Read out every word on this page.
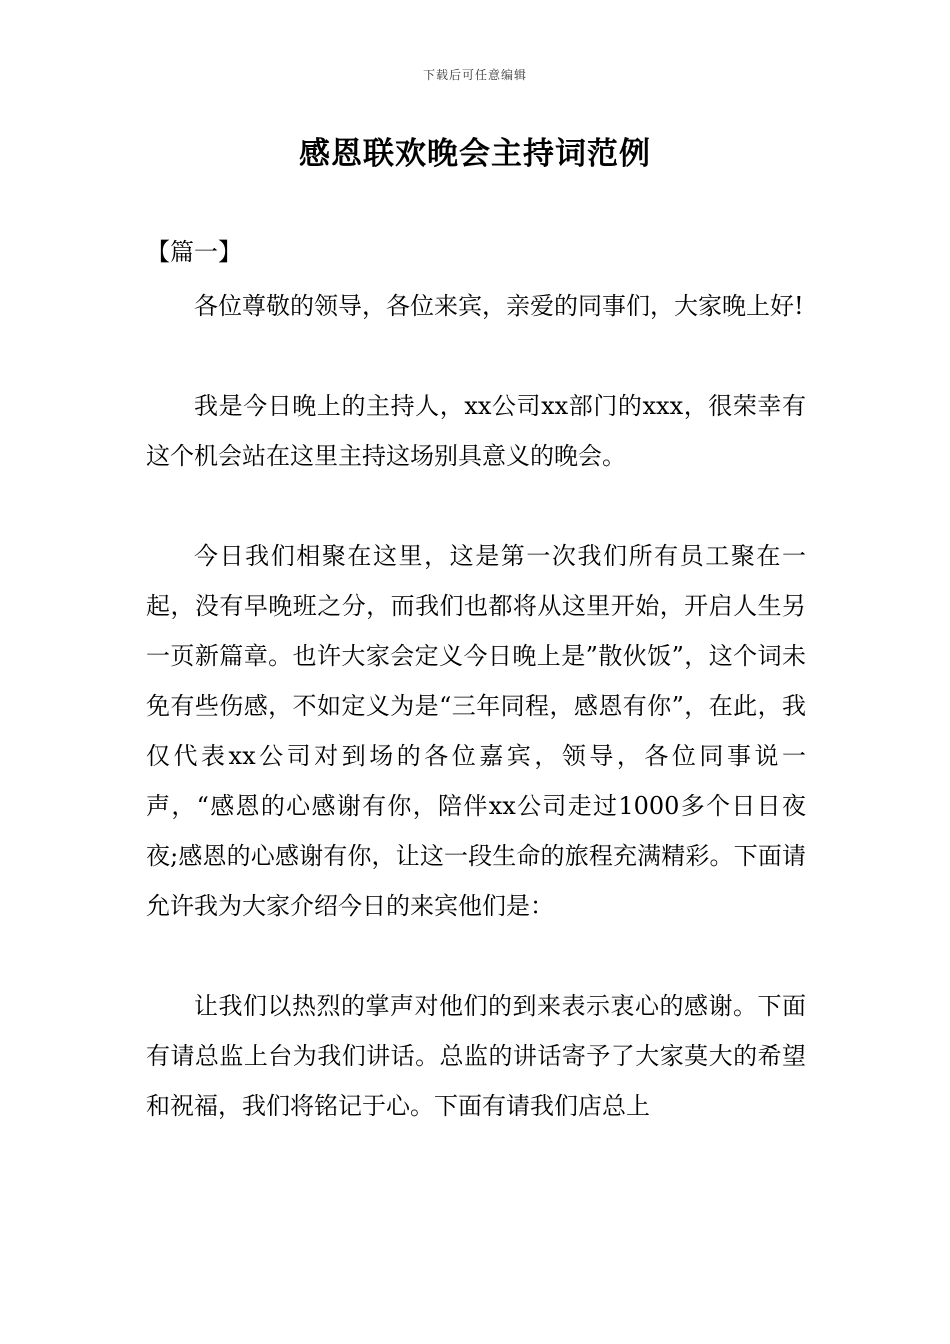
下载后可任意编辑
感恩联欢晚会主持词范例
【篇一】

各位尊敬的领导，各位来宾，亲爱的同事们，大家晚上好!

我是今日晚上的主持人，xx公司xx部门的xxx，很荣幸有这个机会站在这里主持这场别具意义的晚会。

今日我们相聚在这里，这是第一次我们所有员工聚在一起，没有早晚班之分，而我们也都将从这里开始，开启人生另一页新篇章。也许大家会定义今日晚上是”散伙饭”，这个词未免有些伤感，不如定义为是“三年同程，感恩有你”，在此，我仅代表xx公司对到场的各位嘉宾，领导，各位同事说一声，“感恩的心感谢有你，陪伴xx公司走过1000多个日日夜夜;感恩的心感谢有你，让这一段生命的旅程充满精彩。下面请允许我为大家介绍今日的来宾他们是：

让我们以热烈的掌声对他们的到来表示衷心的感谢。下面有请总监上台为我们讲话。总监的讲话寄予了大家莫大的希望和祝福，我们将铭记于心。下面有请我们店总上
